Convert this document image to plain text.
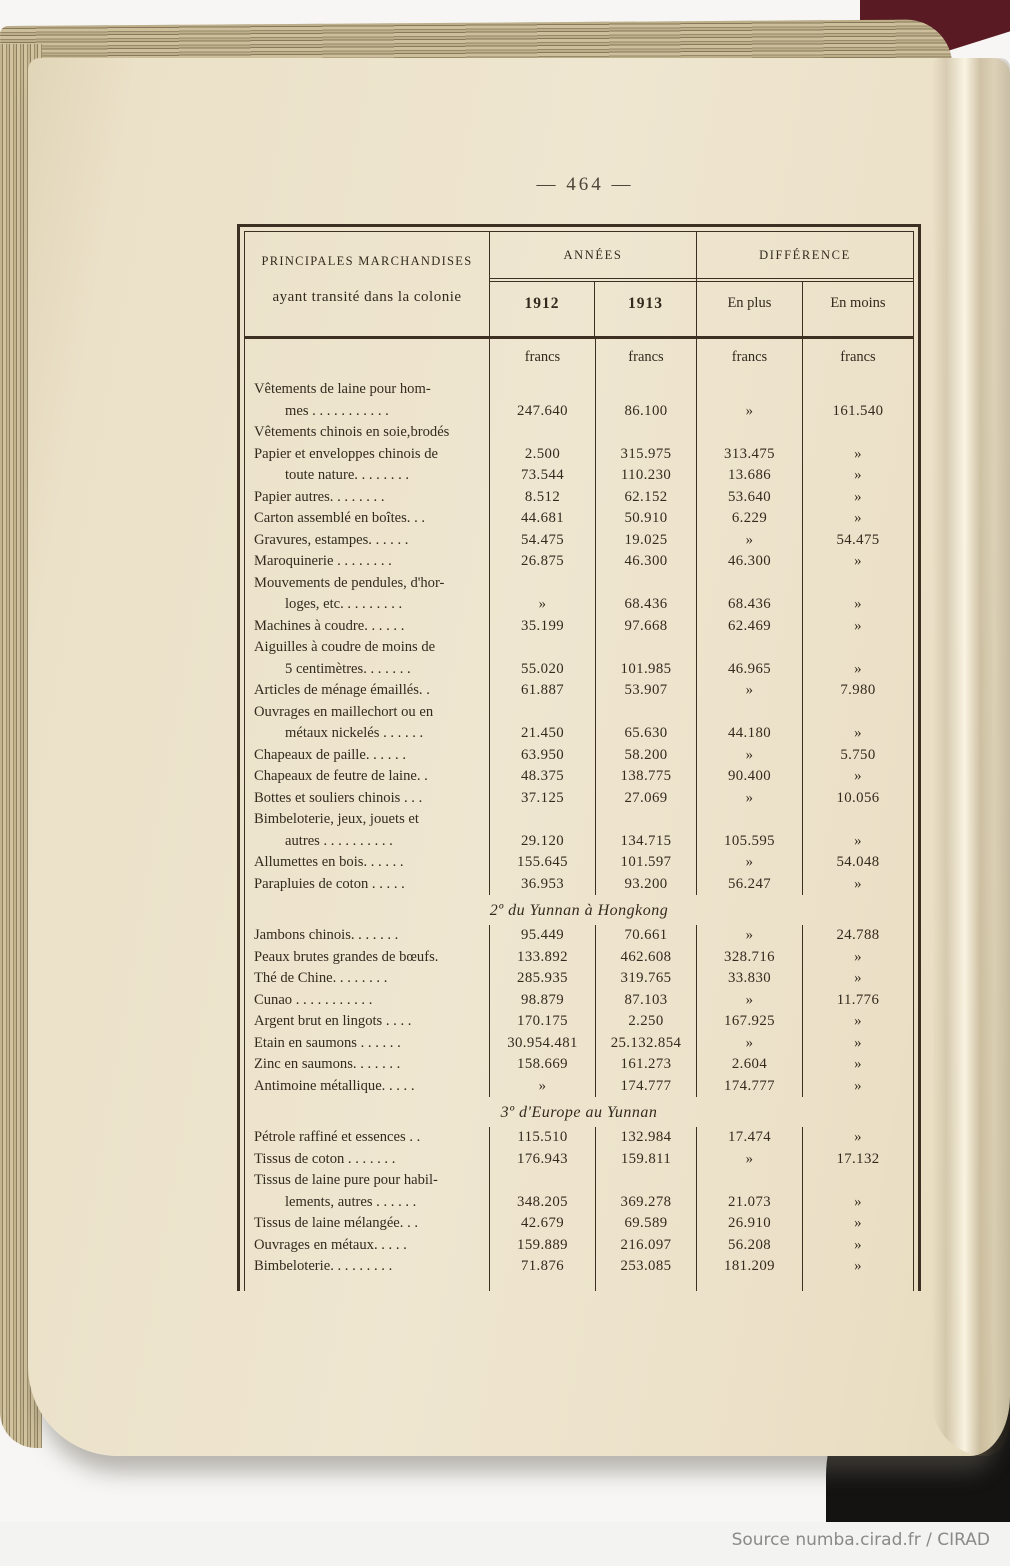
— 464 —
PRINCIPALES MARCHANDISES
ayant transité dans la colonie
ANNÉES
1912	1913
DIFFÉRENCE
En plus	En moins
francs	francs	francs	francs
Vêtements de laine pour hom-
mes . . . . . . . . . . .	247.640	86.100	»	161.540
Vêtements chinois en soie,brodés
Papier et enveloppes chinois de	2.500	315.975	313.475	»
toute nature. . . . . . . .	73.544	110.230	13.686	»
Papier autres. . . . . . . .	8.512	62.152	53.640	»
Carton assemblé en boîtes. . .	44.681	50.910	6.229	»
Gravures, estampes. . . . . .	54.475	19.025	»	54.475
Maroquinerie . . . . . . . .	26.875	46.300	46.300	»
Mouvements de pendules, d'hor-
loges, etc. . . . . . . . .	»	68.436	68.436	»
Machines à coudre. . . . . .	35.199	97.668	62.469	»
Aiguilles à coudre de moins de
5 centimètres. . . . . . .	55.020	101.985	46.965	»
Articles de ménage émaillés. .	61.887	53.907	»	7.980
Ouvrages en maillechort ou en
métaux nickelés . . . . . .	21.450	65.630	44.180	»
Chapeaux de paille. . . . . .	63.950	58.200	»	5.750
Chapeaux de feutre de laine. .	48.375	138.775	90.400	»
Bottes et souliers chinois . . .	37.125	27.069	»	10.056
Bimbeloterie, jeux, jouets et
autres . . . . . . . . . .	29.120	134.715	105.595	»
Allumettes en bois. . . . . .	155.645	101.597	»	54.048
Parapluies de coton . . . . .	36.953	93.200	56.247	»
2º du Yunnan à Hongkong
Jambons chinois. . . . . . .	95.449	70.661	»	24.788
Peaux brutes grandes de bœufs.	133.892	462.608	328.716	»
Thé de Chine. . . . . . . .	285.935	319.765	33.830	»
Cunao . . . . . . . . . . .	98.879	87.103	»	11.776
Argent brut en lingots . . . .	170.175	2.250	167.925	»
Etain en saumons . . . . . .	30.954.481	25.132.854	»	»
Zinc en saumons. . . . . . .	158.669	161.273	2.604	»
Antimoine métallique. . . . .	»	174.777	174.777	»
3º d'Europe au Yunnan
Pétrole raffiné et essences . .	115.510	132.984	17.474	»
Tissus de coton . . . . . . .	176.943	159.811	»	17.132
Tissus de laine pure pour habil-
lements, autres . . . . . .	348.205	369.278	21.073	»
Tissus de laine mélangée. . .	42.679	69.589	26.910	»
Ouvrages en métaux. . . . .	159.889	216.097	56.208	»
Bimbeloterie. . . . . . . . .	71.876	253.085	181.209	»
Source numba.cirad.fr / CIRAD
